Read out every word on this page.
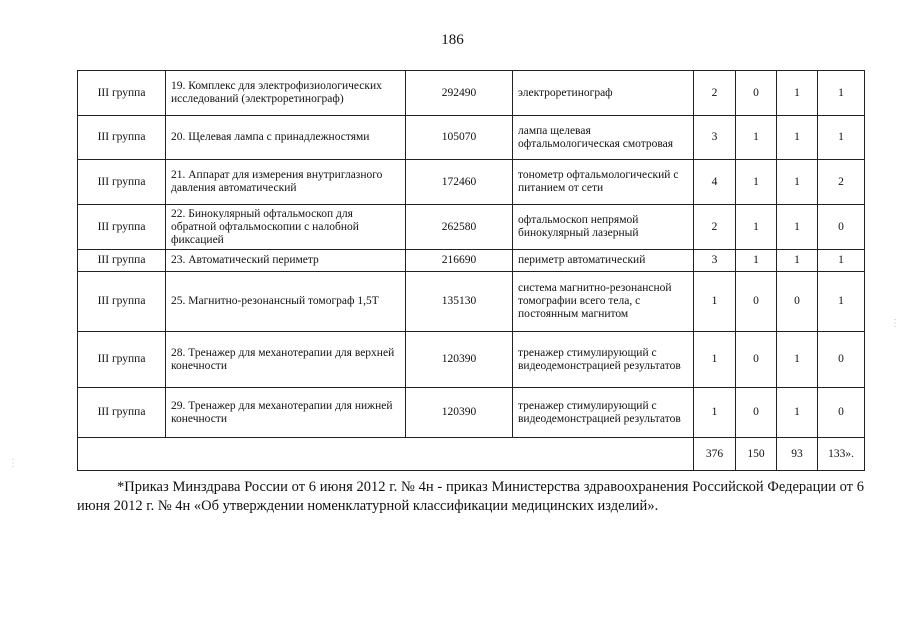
186
III группа	19. Комплекс для электрофизиологических исследований (электроретинограф)	292490	электроретинограф	2	0	1	1
III группа	20. Щелевая лампа с принадлежностями	105070	лампа щелевая офтальмологическая смотровая	3	1	1	1
III группа	21. Аппарат для измерения внутриглазного давления автоматический	172460	тонометр офтальмологический с питанием от сети	4	1	1	2
III группа	22. Бинокулярный офтальмоскоп для обратной офтальмоскопии с налобной фиксацией	262580	офтальмоскоп непрямой бинокулярный лазерный	2	1	1	0
III группа	23. Автоматический периметр	216690	периметр автоматический	3	1	1	1
III группа	25. Магнитно-резонансный томограф 1,5Т	135130	система магнитно-резонансной томографии всего тела, с постоянным магнитом	1	0	0	1
III группа	28. Тренажер для механотерапии для верхней конечности	120390	тренажер стимулирующий с видеодемонстрацией результатов	1	0	1	0
III группа	29. Тренажер для механотерапии для нижней конечности	120390	тренажер стимулирующий с видеодемонстрацией результатов	1	0	1	0
				376	150	93	133».
*Приказ Минздрава России от 6 июня 2012 г. № 4н - приказ Министерства здравоохранения Российской Федерации от 6 июня 2012 г. № 4н «Об утверждении номенклатурной классификации медицинских изделий».
⋮
⋮
